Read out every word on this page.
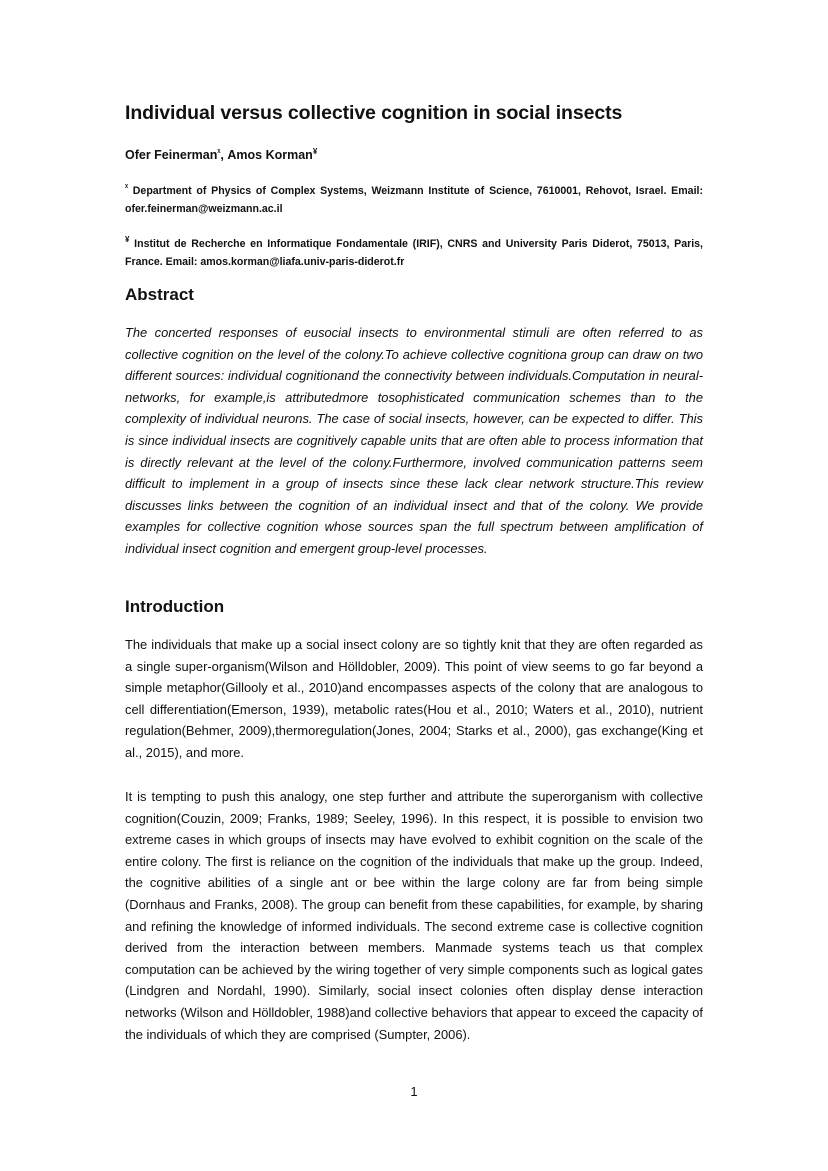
Individual versus collective cognition in social insects
Ofer Feinerman$^ᵡ$, Amos Korman¥
$^ᵡ$ Department of Physics of Complex Systems, Weizmann Institute of Science, 7610001, Rehovot, Israel. Email: ofer.feinerman@weizmann.ac.il
¥ Institut de Recherche en Informatique Fondamentale (IRIF), CNRS and University Paris Diderot, 75013, Paris, France. Email: amos.korman@liafa.univ-paris-diderot.fr
Abstract
The concerted responses of eusocial insects to environmental stimuli are often referred to as collective cognition on the level of the colony.To achieve collective cognitiona group can draw on two different sources: individual cognitionand the connectivity between individuals.Computation in neural-networks, for example,is attributedmore tosophisticated communication schemes than to the complexity of individual neurons. The case of social insects, however, can be expected to differ. This is since individual insects are cognitively capable units that are often able to process information that is directly relevant at the level of the colony.Furthermore, involved communication patterns seem difficult to implement in a group of insects since these lack clear network structure.This review discusses links between the cognition of an individual insect and that of the colony. We provide examples for collective cognition whose sources span the full spectrum between amplification of individual insect cognition and emergent group-level processes.
Introduction
The individuals that make up a social insect colony are so tightly knit that they are often regarded as a single super-organism(Wilson and Hölldobler, 2009). This point of view seems to go far beyond a simple metaphor(Gillooly et al., 2010)and encompasses aspects of the colony that are analogous to cell differentiation(Emerson, 1939), metabolic rates(Hou et al., 2010; Waters et al., 2010), nutrient regulation(Behmer, 2009),thermoregulation(Jones, 2004; Starks et al., 2000), gas exchange(King et al., 2015), and more.
It is tempting to push this analogy, one step further and attribute the superorganism with collective cognition(Couzin, 2009; Franks, 1989; Seeley, 1996). In this respect, it is possible to envision two extreme cases in which groups of insects may have evolved to exhibit cognition on the scale of the entire colony. The first is reliance on the cognition of the individuals that make up the group. Indeed, the cognitive abilities of a single ant or bee within the large colony are far from being simple (Dornhaus and Franks, 2008). The group can benefit from these capabilities, for example, by sharing and refining the knowledge of informed individuals. The second extreme case is collective cognition derived from the interaction between members. Manmade systems teach us that complex computation can be achieved by the wiring together of very simple components such as logical gates (Lindgren and Nordahl, 1990). Similarly, social insect colonies often display dense interaction networks (Wilson and Hölldobler, 1988)and collective behaviors that appear to exceed the capacity of the individuals of which they are comprised (Sumpter, 2006).
1
